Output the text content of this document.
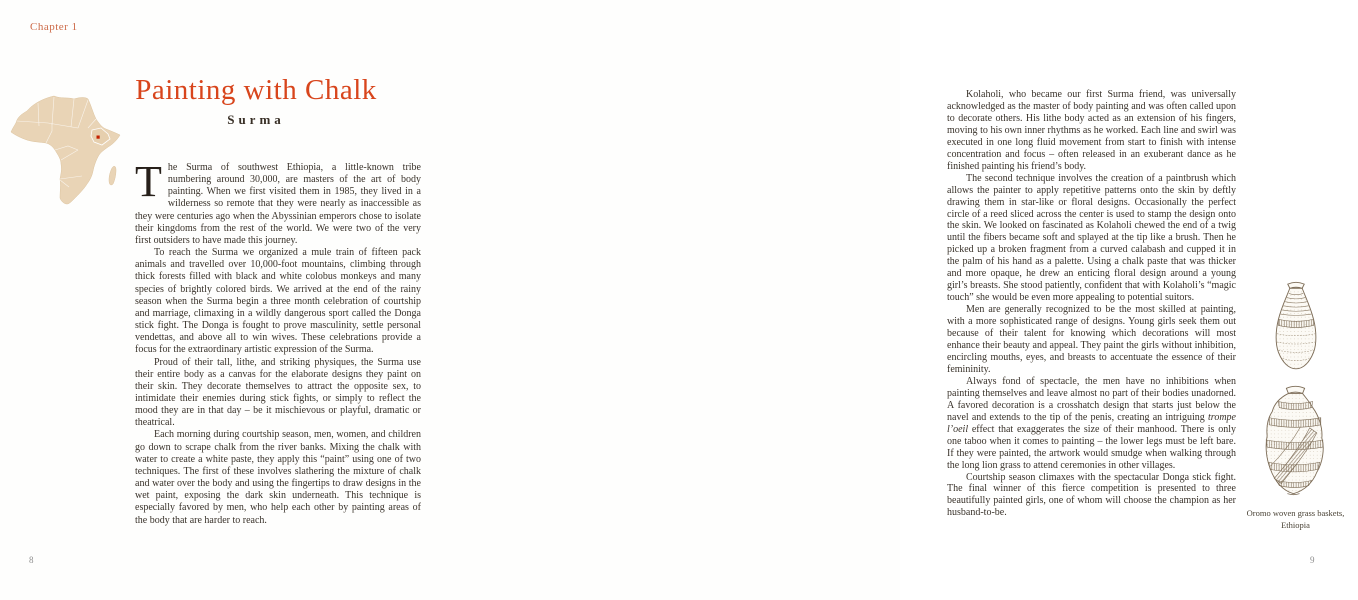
Chapter 1
Painting with Chalk
Surma

The Surma of southwest Ethiopia, a little-known tribe numbering around 30,000, are masters of the art of body painting. When we first visited them in 1985, they lived in a wilderness so remote that they were nearly as inaccessible as they were centuries ago when the Abyssinian emperors chose to isolate their kingdoms from the rest of the world. We were two of the very first outsiders to have made this journey.

To reach the Surma we organized a mule train of fifteen pack animals and travelled over 10,000-foot mountains, climbing through thick forests filled with black and white colobus monkeys and many species of brightly colored birds. We arrived at the end of the rainy season when the Surma begin a three month celebration of courtship and marriage, climaxing in a wildly dangerous sport called the Donga stick fight. The Donga is fought to prove masculinity, settle personal vendettas, and above all to win wives. These celebrations provide a focus for the extraordinary artistic expression of the Surma.

Proud of their tall, lithe, and striking physiques, the Surma use their entire body as a canvas for the elaborate designs they paint on their skin. They decorate themselves to attract the opposite sex, to intimidate their enemies during stick fights, or simply to reflect the mood they are in that day – be it mischievous or playful, dramatic or theatrical.

Each morning during courtship season, men, women, and children go down to scrape chalk from the river banks. Mixing the chalk with water to create a white paste, they apply this “paint” using one of two techniques. The first of these involves slathering the mixture of chalk and water over the body and using the fingertips to draw designs in the wet paint, exposing the dark skin underneath. This technique is especially favored by men, who help each other by painting areas of the body that are harder to reach.

8

Kolaholi, who became our first Surma friend, was universally acknowledged as the master of body painting and was often called upon to decorate others. His lithe body acted as an extension of his fingers, moving to his own inner rhythms as he worked. Each line and swirl was executed in one long fluid movement from start to finish with intense concentration and focus – often released in an exuberant dance as he finished painting his friend’s body.

The second technique involves the creation of a paintbrush which allows the painter to apply repetitive patterns onto the skin by deftly drawing them in star-like or floral designs. Occasionally the perfect circle of a reed sliced across the center is used to stamp the design onto the skin. We looked on fascinated as Kolaholi chewed the end of a twig until the fibers became soft and splayed at the tip like a brush. Then he picked up a broken fragment from a curved calabash and cupped it in the palm of his hand as a palette. Using a chalk paste that was thicker and more opaque, he drew an enticing floral design around a young girl’s breasts. She stood patiently, confident that with Kolaholi’s “magic touch” she would be even more appealing to potential suitors.

Men are generally recognized to be the most skilled at painting, with a more sophisticated range of designs. Young girls seek them out because of their talent for knowing which decorations will most enhance their beauty and appeal. They paint the girls without inhibition, encircling mouths, eyes, and breasts to accentuate the essence of their femininity.

Always fond of spectacle, the men have no inhibitions when painting themselves and leave almost no part of their bodies unadorned. A favored decoration is a crosshatch design that starts just below the navel and extends to the tip of the penis, creating an intriguing trompe l’oeil effect that exaggerates the size of their manhood. There is only one taboo when it comes to painting – the lower legs must be left bare. If they were painted, the artwork would smudge when walking through the long lion grass to attend ceremonies in other villages.

Courtship season climaxes with the spectacular Donga stick fight. The final winner of this fierce competition is presented to three beautifully painted girls, one of whom will choose the champion as her husband-to-be.	Oromo woven grass baskets, Ethiopia
9
